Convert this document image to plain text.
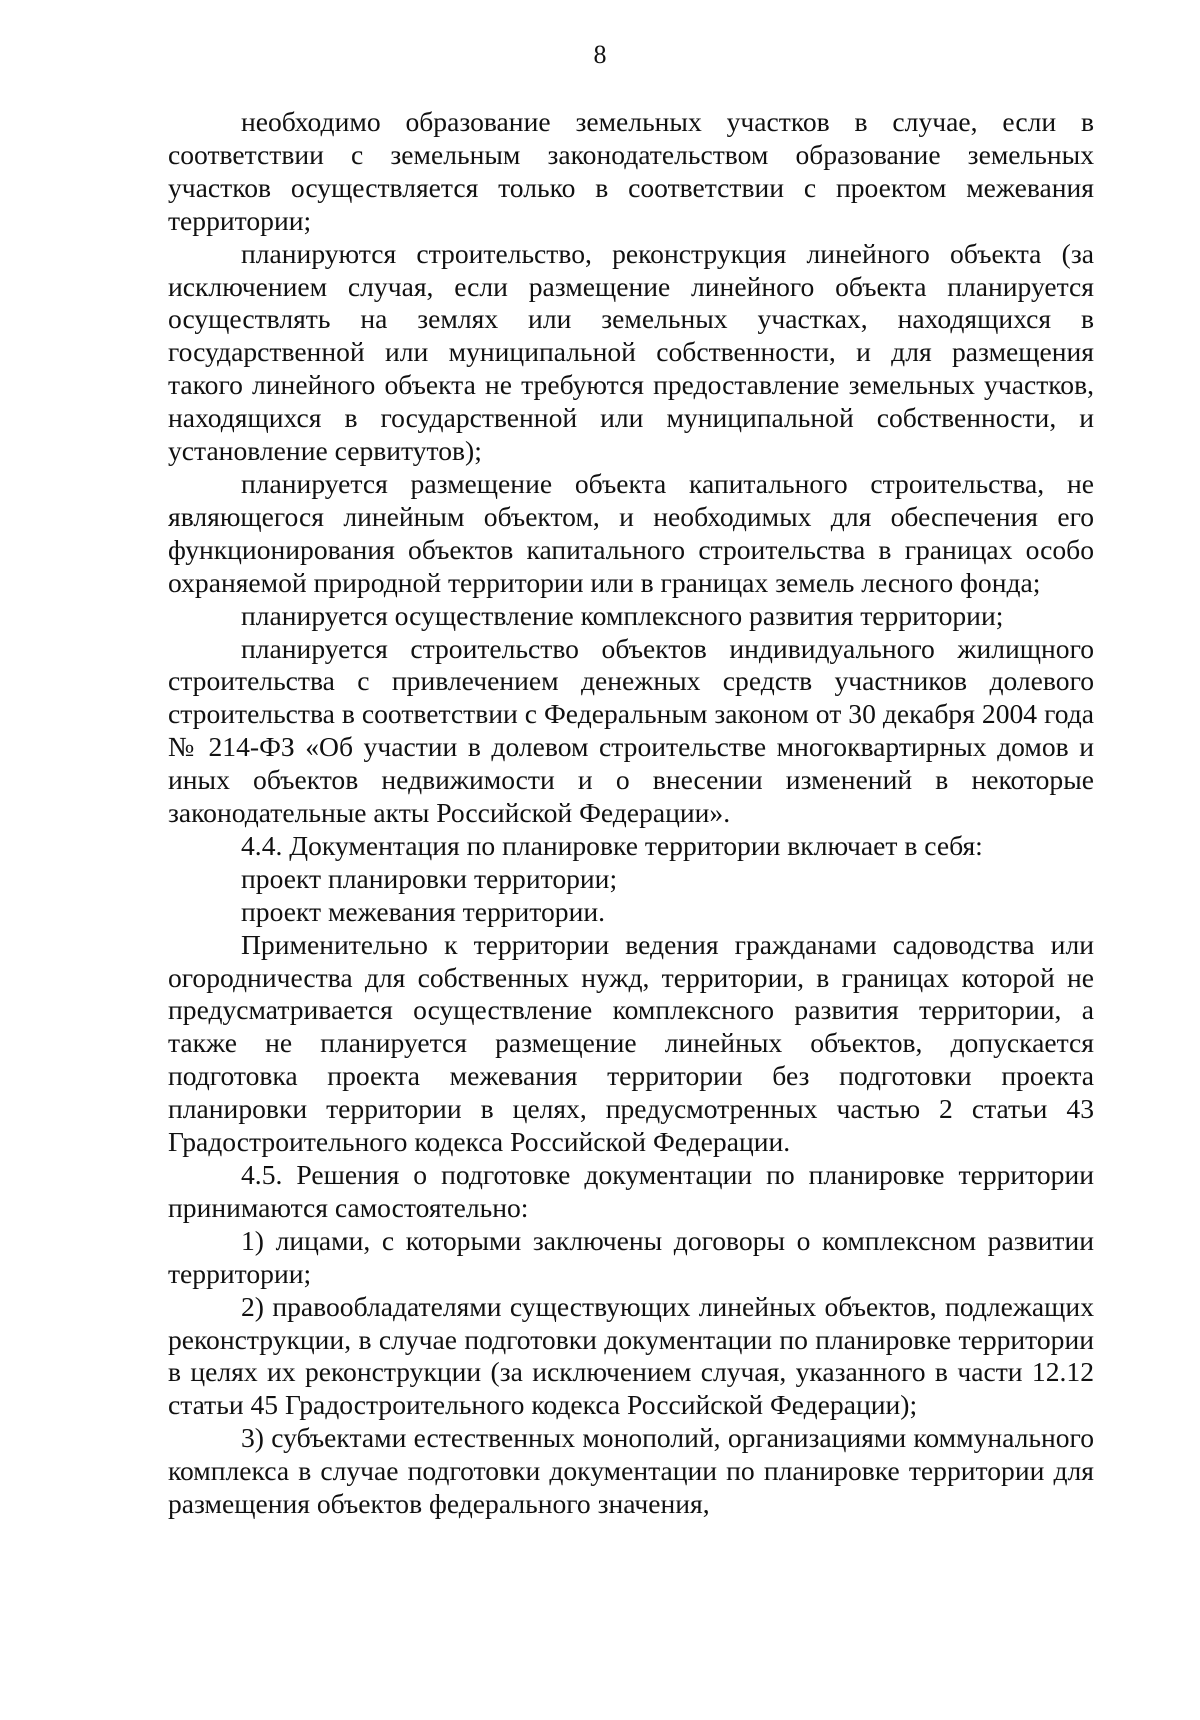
8

необходимо образование земельных участков в случае, если в соответствии с земельным законодательством образование земельных участков осуществляется только в соответствии с проектом межевания территории;

планируются строительство, реконструкция линейного объекта (за исключением случая, если размещение линейного объекта планируется осуществлять на землях или земельных участках, находящихся в государственной или муниципальной собственности, и для размещения такого линейного объекта не требуются предоставление земельных участков, находящихся в государственной или муниципальной собственности, и установление сервитутов);

планируется размещение объекта капитального строительства, не являющегося линейным объектом, и необходимых для обеспечения его функционирования объектов капитального строительства в границах особо охраняемой природной территории или в границах земель лесного фонда;

планируется осуществление комплексного развития территории;

планируется строительство объектов индивидуального жилищного строительства с привлечением денежных средств участников долевого строительства в соответствии с Федеральным законом от 30 декабря 2004 года № 214-ФЗ «Об участии в долевом строительстве многоквартирных домов и иных объектов недвижимости и о внесении изменений в некоторые законодательные акты Российской Федерации».

4.4. Документация по планировке территории включает в себя:

проект планировки территории;

проект межевания территории.

Применительно к территории ведения гражданами садоводства или огородничества для собственных нужд, территории, в границах которой не предусматривается осуществление комплексного развития территории, а также не планируется размещение линейных объектов, допускается подготовка проекта межевания территории без подготовки проекта планировки территории в целях, предусмотренных частью 2 статьи 43 Градостроительного кодекса Российской Федерации.

4.5. Решения о подготовке документации по планировке территории принимаются самостоятельно:

1) лицами, с которыми заключены договоры о комплексном развитии территории;

2) правообладателями существующих линейных объектов, подлежащих реконструкции, в случае подготовки документации по планировке территории в целях их реконструкции (за исключением случая, указанного в части 12.12 статьи 45 Градостроительного кодекса Российской Федерации);

3) субъектами естественных монополий, организациями коммунального комплекса в случае подготовки документации по планировке территории для размещения объектов федерального значения,
